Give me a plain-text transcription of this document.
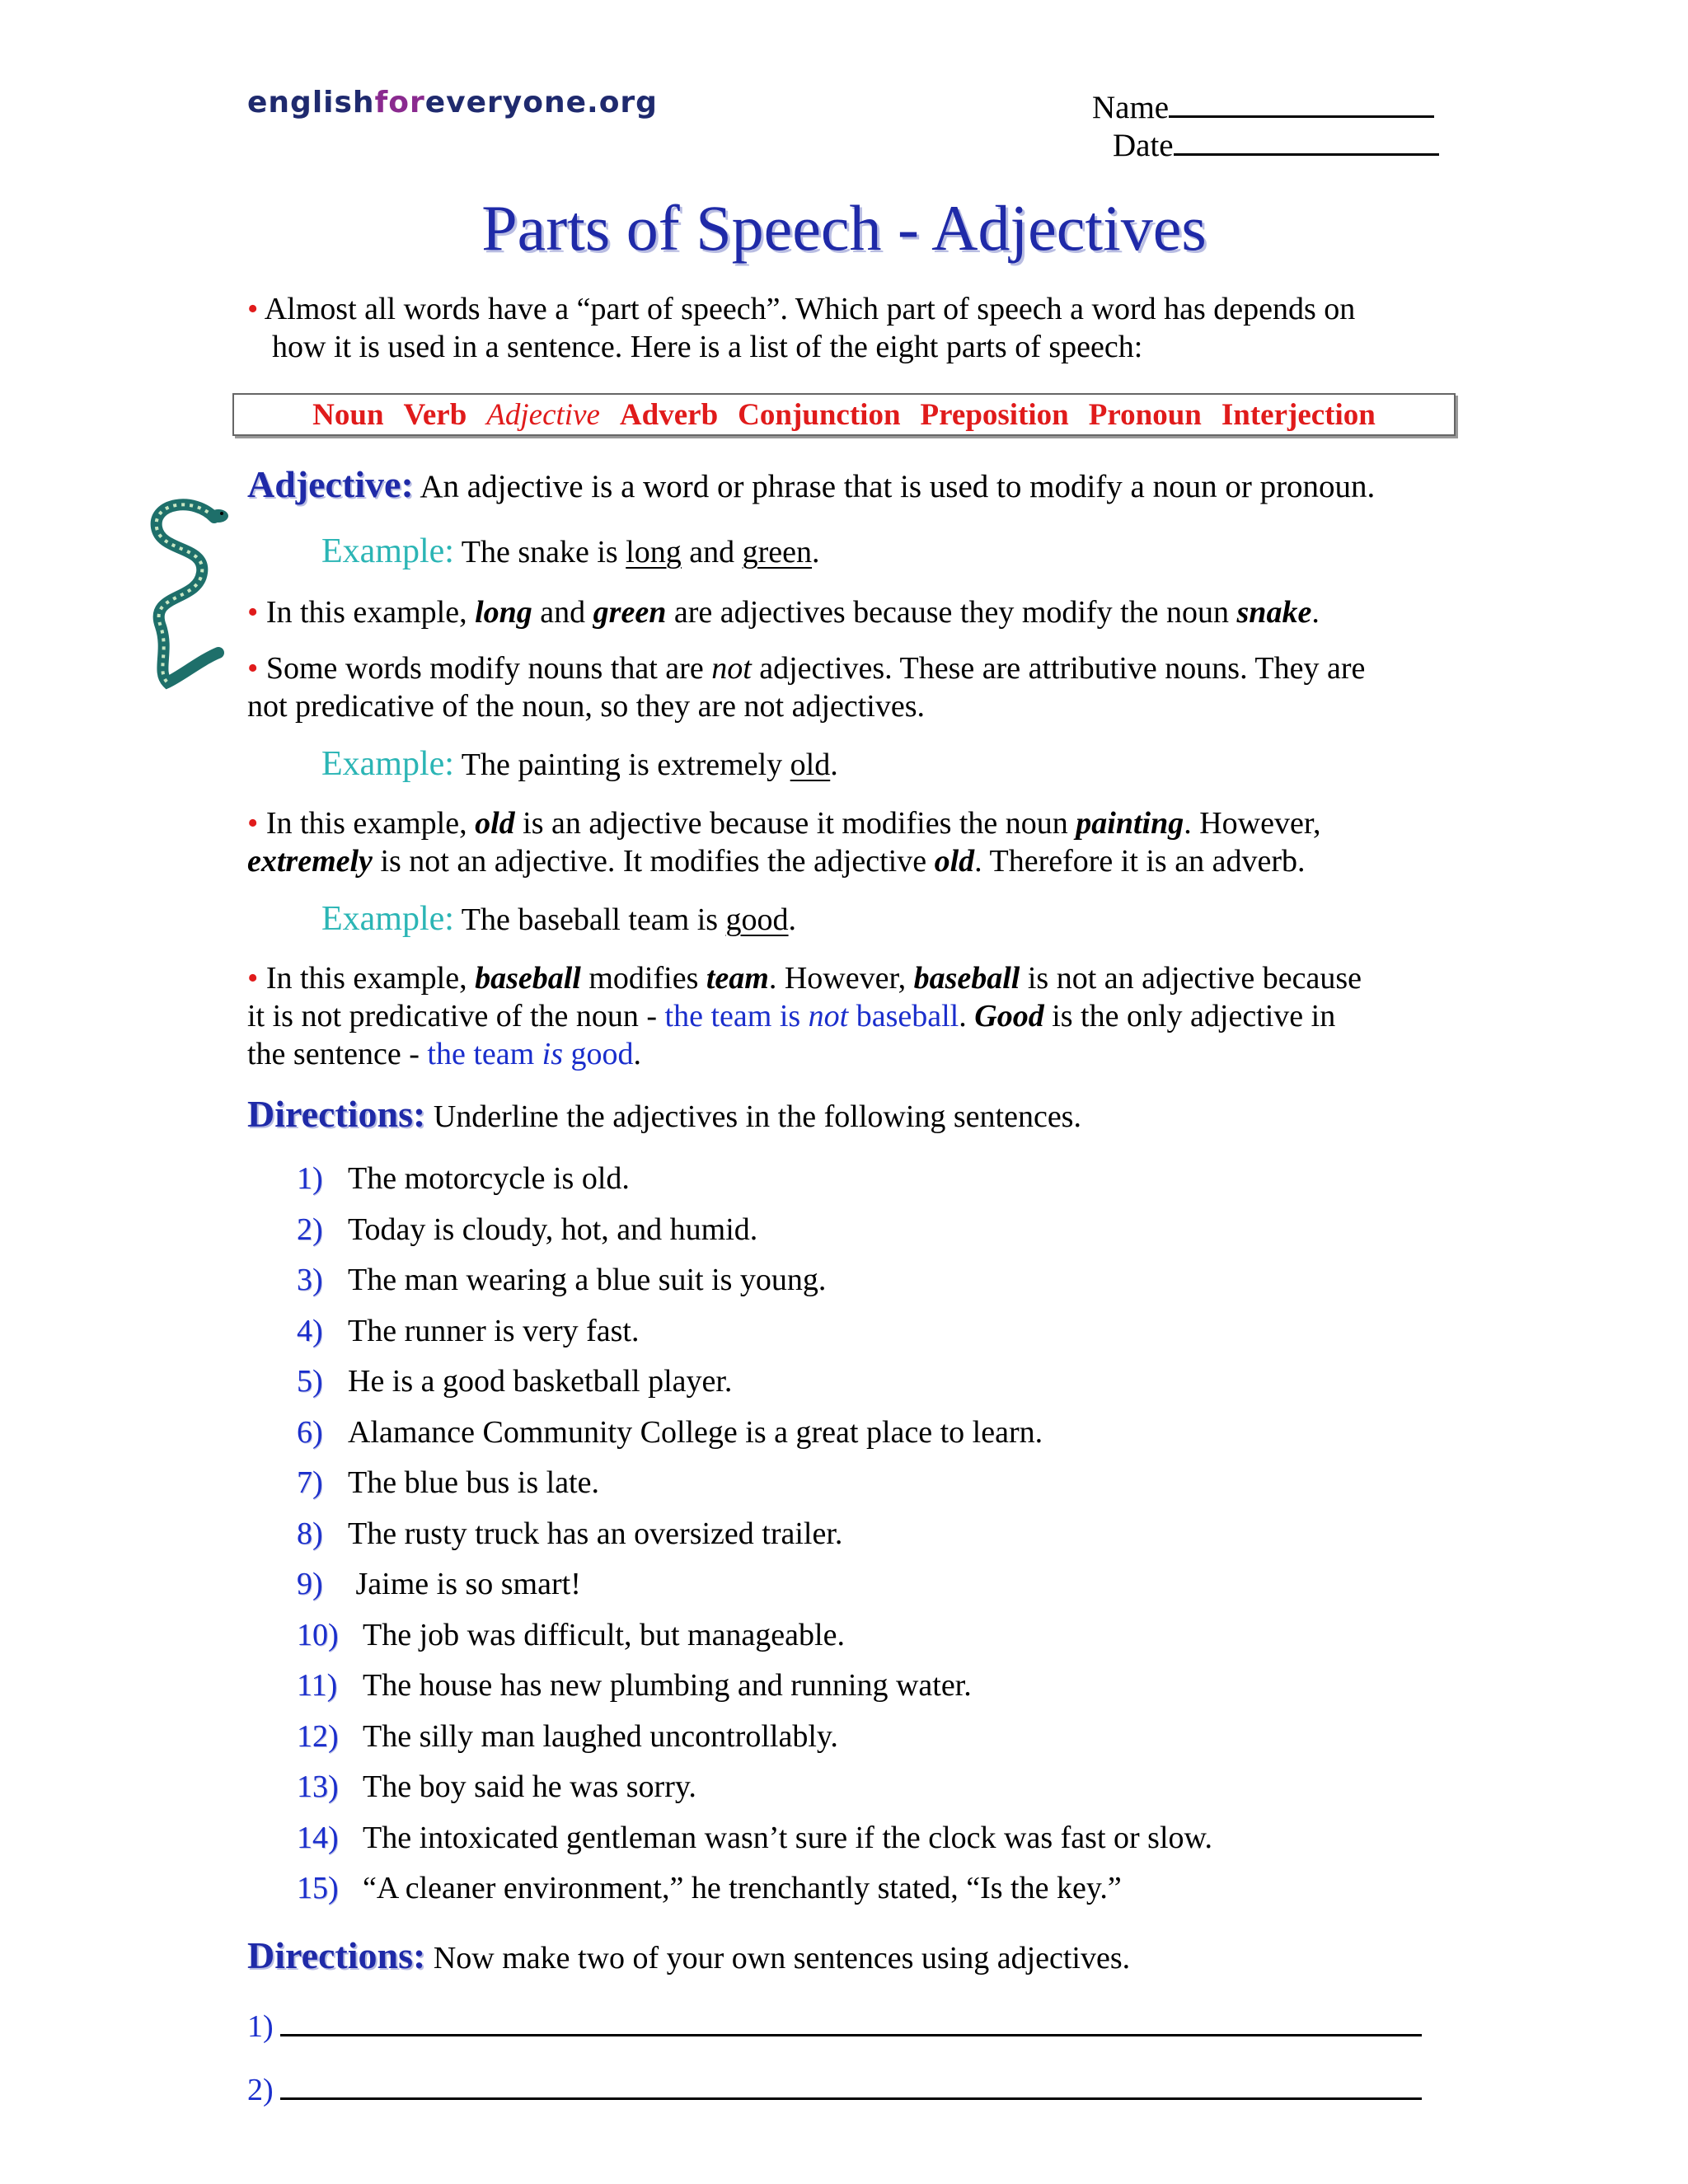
englishforeveryone.org	Name
Date
Parts of Speech - Adjectives
• Almost all words have a “part of speech”. Which part of speech a word has depends on
how it is used in a sentence. Here is a list of the eight parts of speech:
Noun Verb Adjective Adverb Conjunction Preposition Pronoun Interjection
Adjective: An adjective is a word or phrase that is used to modify a noun or pronoun.
Example: The snake is long and green.
• In this example, long and green are adjectives because they modify the noun snake.
• Some words modify nouns that are not adjectives. These are attributive nouns. They are
not predicative of the noun, so they are not adjectives.
Example: The painting is extremely old.
• In this example, old is an adjective because it modifies the noun painting. However,
extremely is not an adjective. It modifies the adjective old. Therefore it is an adverb.
Example: The baseball team is good.
• In this example, baseball modifies team. However, baseball is not an adjective because
it is not predicative of the noun - the team is not baseball. Good is the only adjective in
the sentence - the team is good.
Directions: Underline the adjectives in the following sentences.
1) The motorcycle is old.
2) Today is cloudy, hot, and humid.
3) The man wearing a blue suit is young.
4) The runner is very fast.
5) He is a good basketball player.
6) Alamance Community College is a great place to learn.
7) The blue bus is late.
8) The rusty truck has an oversized trailer.
9) Jaime is so smart!
10) The job was difficult, but manageable.
11) The house has new plumbing and running water.
12) The silly man laughed uncontrollably.
13) The boy said he was sorry.
14) The intoxicated gentleman wasn’t sure if the clock was fast or slow.
15) “A cleaner environment,” he trenchantly stated, “Is the key.”
Directions: Now make two of your own sentences using adjectives.
1)
2)
